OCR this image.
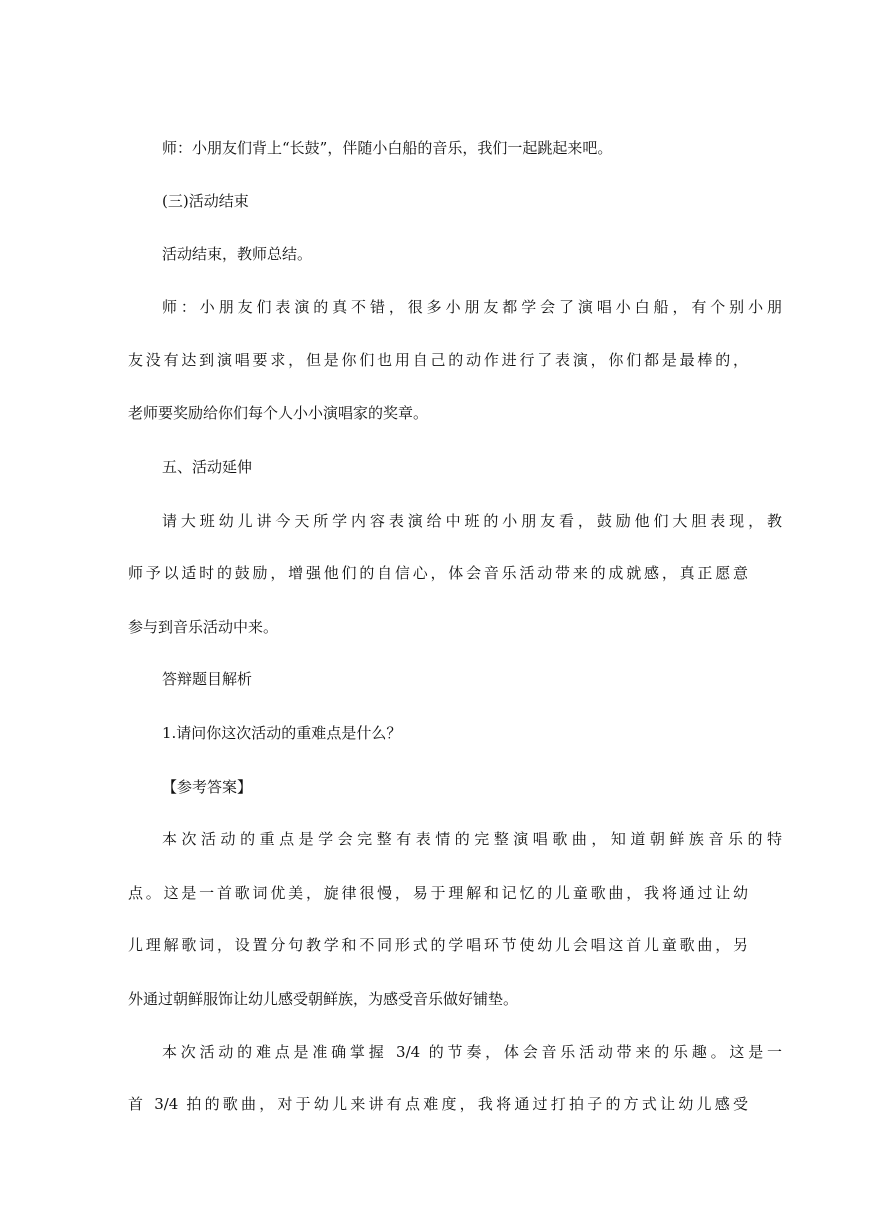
师：小朋友们背上“长鼓”，伴随小白船的音乐，我们一起跳起来吧。
(三)活动结束
活动结束，教师总结。
师：小朋友们表演的真不错，很多小朋友都学会了演唱小白船，有个别小朋
友没有达到演唱要求，但是你们也用自己的动作进行了表演，你们都是最棒的，
老师要奖励给你们每个人小小演唱家的奖章。
五、活动延伸
请大班幼儿讲今天所学内容表演给中班的小朋友看，鼓励他们大胆表现，教
师予以适时的鼓励，增强他们的自信心，体会音乐活动带来的成就感，真正愿意
参与到音乐活动中来。
答辩题目解析
1.请问你这次活动的重难点是什么？
【参考答案】
本次活动的重点是学会完整有表情的完整演唱歌曲，知道朝鲜族音乐的特
点。这是一首歌词优美，旋律很慢，易于理解和记忆的儿童歌曲，我将通过让幼
儿理解歌词，设置分句教学和不同形式的学唱环节使幼儿会唱这首儿童歌曲，另
外通过朝鲜服饰让幼儿感受朝鲜族，为感受音乐做好铺垫。
本次活动的难点是准确掌握 3/4 的节奏，体会音乐活动带来的乐趣。这是一
首 3/4 拍的歌曲，对于幼儿来讲有点难度，我将通过打拍子的方式让幼儿感受
